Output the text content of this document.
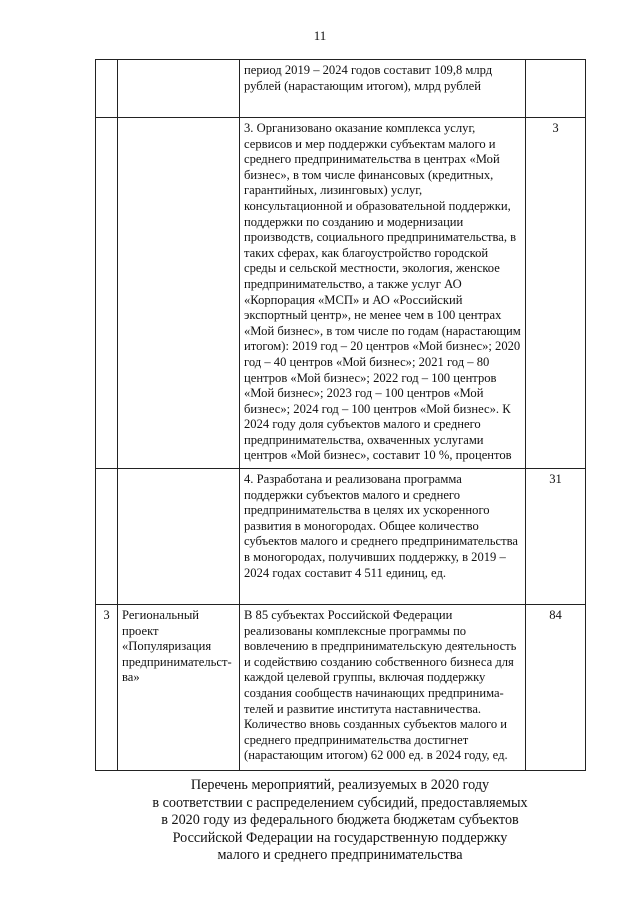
11
		период 2019 – 2024 годов составит 109,8 млрд рублей (нарастающим итогом), млрд рублей	
		3. Организовано оказание комплекса услуг, сервисов и мер поддержки субъектам малого и среднего предпринимательства в центрах «Мой бизнес», в том числе финансовых (кредитных, гарантийных, лизинговых) услуг, консультационной и образовательной поддержки, поддержки по созданию и модернизации производств, социального предпринимательства, в таких сферах, как благоустройство городской среды и сельской местности, экология, женское предпринимательство, а также услуг АО «Корпорация «МСП» и АО «Российский экспортный центр», не менее чем в 100 центрах «Мой бизнес», в том числе по годам (нарастающим итогом): 2019 год – 20 центров «Мой бизнес»; 2020 год – 40 центров «Мой бизнес»; 2021 год – 80 центров «Мой бизнес»; 2022 год – 100 центров «Мой бизнес»; 2023 год – 100 центров «Мой бизнес»; 2024 год – 100 центров «Мой бизнес». К 2024 году доля субъектов малого и среднего предпринимательства, охваченных услугами центров «Мой бизнес», составит 10 %, процентов	3
		4. Разработана и реализована программа поддержки субъектов малого и среднего предпринимательства в целях их ускоренного развития в моногородах. Общее количество субъектов малого и среднего предпринимательства в моногородах, получивших поддержку, в 2019 – 2024 годах составит 4 511 единиц, ед.	31
3	Региональный проект «Популяризация предпринимательст-ва»	В 85 субъектах Российской Федерации реализованы комплексные программы по вовлечению в предпринимательскую деятельность и содействию созданию собственного бизнеса для каждой целевой группы, включая поддержку создания сообществ начинающих предпринима-телей и развитие института наставничества. Количество вновь созданных субъектов малого и среднего предпринимательства достигнет (нарастающим итогом) 62 000 ед. в 2024 году, ед.	84
Перечень мероприятий, реализуемых в 2020 году
в соответствии с распределением субсидий, предоставляемых
в 2020 году из федерального бюджета бюджетам субъектов
Российской Федерации на государственную поддержку
малого и среднего предпринимательства
